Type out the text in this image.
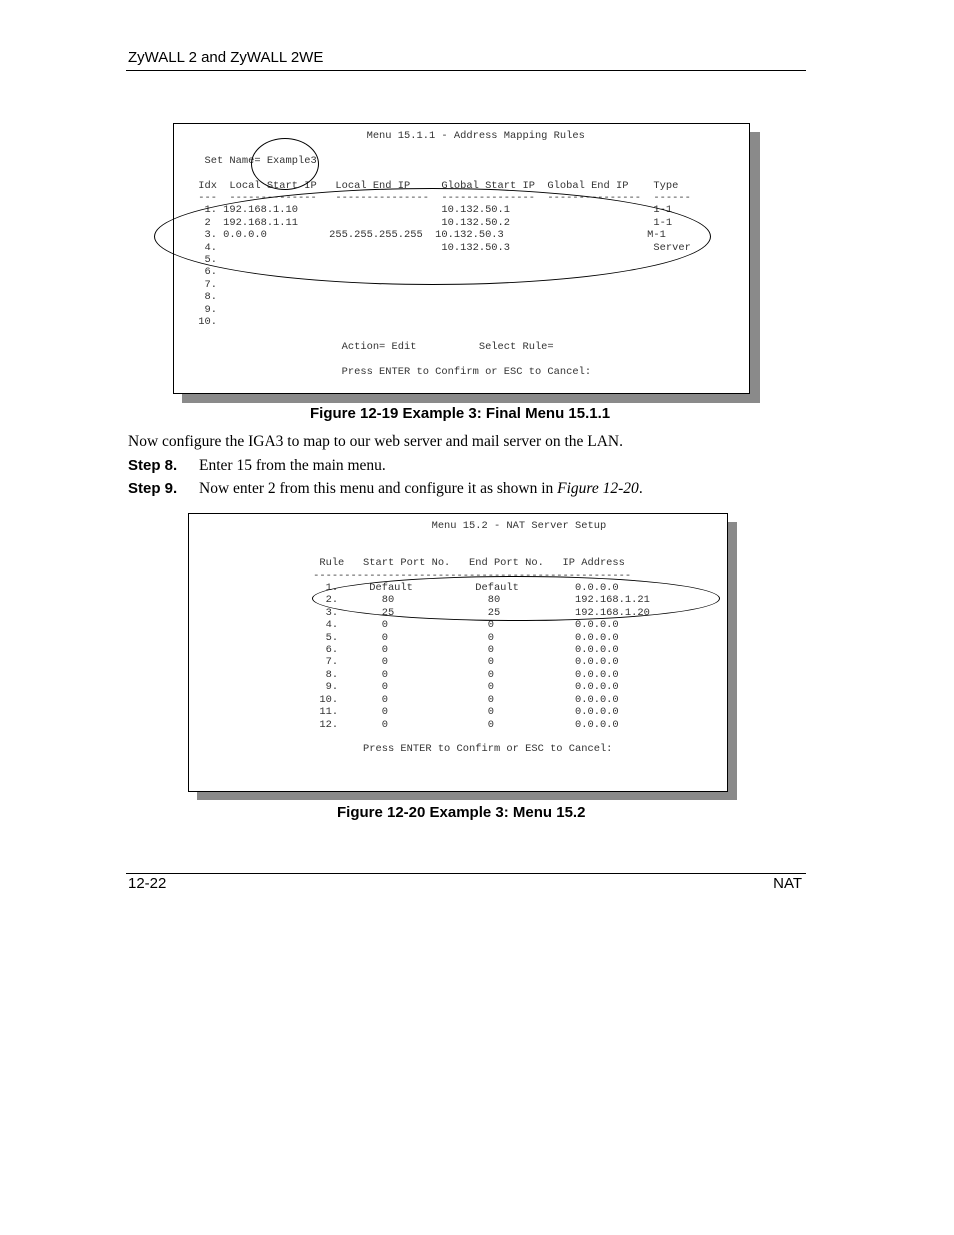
ZyWALL 2 and ZyWALL 2WE
Menu 15.1.1 - Address Mapping Rules

Set Name= Example3

Idx  Local Start IP   Local End IP     Global Start IP  Global End IP    Type
---  --------------   ---------------  ---------------  ---------------  ------
1. 192.168.1.10                       10.132.50.1                       1-1
2  192.168.1.11                       10.132.50.2                       1-1
3. 0.0.0.0          255.255.255.255  10.132.50.3                       M-1
4.                                    10.132.50.3                       Server
5.
6.
7.
8.
9.
10.

Action= Edit          Select Rule=

Press ENTER to Confirm or ESC to Cancel:
Figure 12-19 Example 3: Final Menu 15.1.1
Now configure the IGA3 to map to our web server and mail server on the LAN.
Step 8. Enter 15 from the main menu.
Step 9. Now enter 2 from this menu and configure it as shown in Figure 12-20.
Menu 15.2 - NAT Server Setup

Rule   Start Port No.   End Port No.   IP Address
---------------------------------------------------
1.     Default          Default         0.0.0.0
2.       80               80            192.168.1.21
3.       25               25            192.168.1.20
4.       0                0             0.0.0.0
5.       0                0             0.0.0.0
6.       0                0             0.0.0.0
7.       0                0             0.0.0.0
8.       0                0             0.0.0.0
9.       0                0             0.0.0.0
10.       0                0             0.0.0.0
11.       0                0             0.0.0.0
12.       0                0             0.0.0.0

Press ENTER to Confirm or ESC to Cancel:
Figure 12-20 Example 3: Menu 15.2
12-22	NAT
